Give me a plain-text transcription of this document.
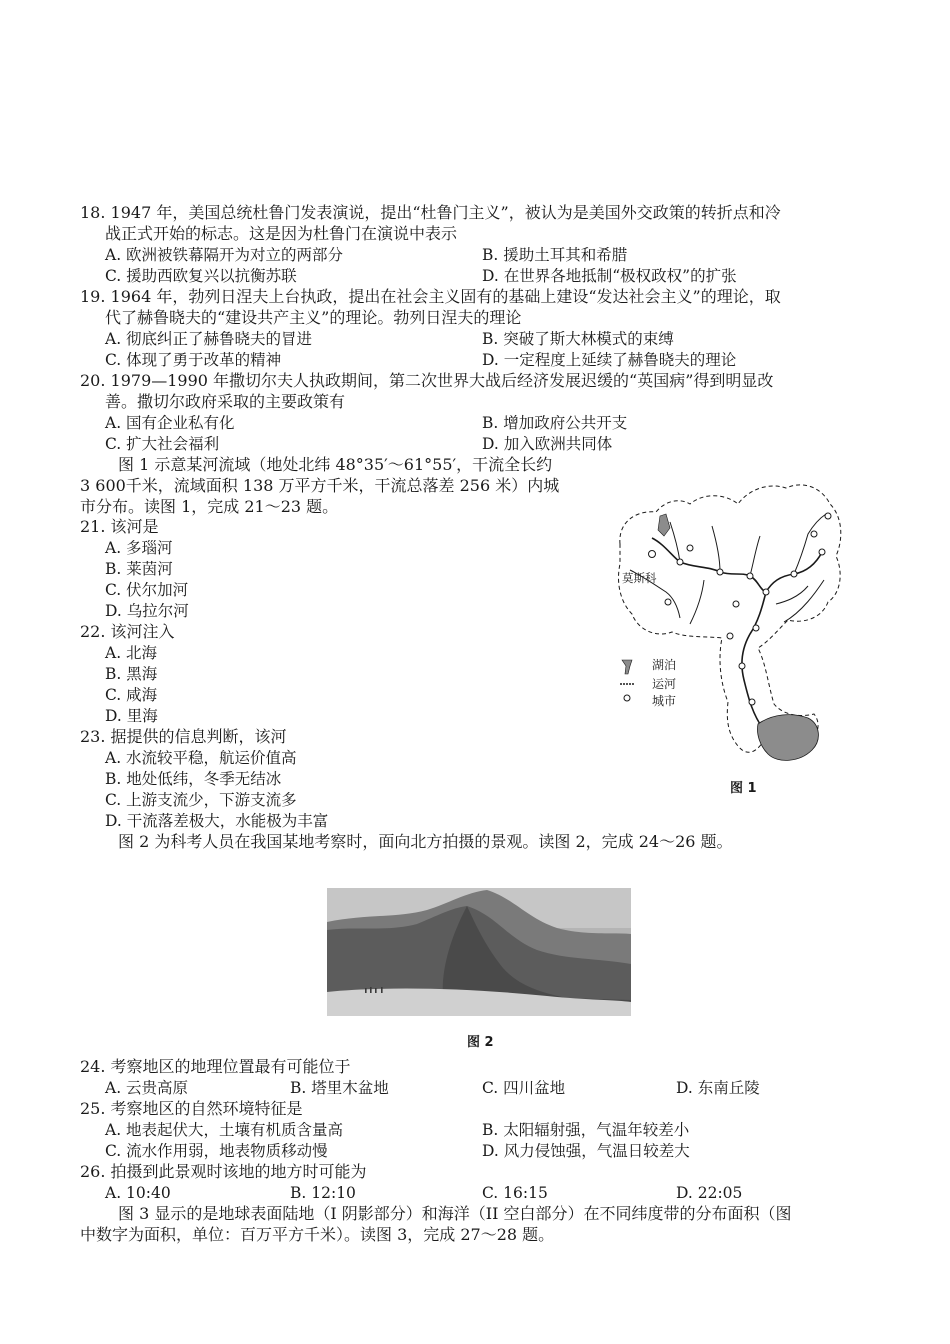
18. 1947 年，美国总统杜鲁门发表演说，提出“杜鲁门主义”，被认为是美国外交政策的转折点和冷
战正式开始的标志。这是因为杜鲁门在演说中表示
A. 欧洲被铁幕隔开为对立的两部分	B. 援助土耳其和希腊
C. 援助西欧复兴以抗衡苏联	D. 在世界各地抵制“极权政权”的扩张
19. 1964 年，勃列日涅夫上台执政，提出在社会主义固有的基础上建设“发达社会主义”的理论，取
代了赫鲁晓夫的“建设共产主义”的理论。勃列日涅夫的理论
A. 彻底纠正了赫鲁晓夫的冒进	B. 突破了斯大林模式的束缚
C. 体现了勇于改革的精神	D. 一定程度上延续了赫鲁晓夫的理论
20. 1979—1990 年撒切尔夫人执政期间，第二次世界大战后经济发展迟缓的“英国病”得到明显改
善。撒切尔政府采取的主要政策有
A. 国有企业私有化	B. 增加政府公共开支
C. 扩大社会福利	D. 加入欧洲共同体
图 1 示意某河流域（地处北纬 48°35′～61°55′，干流全长约
3 600千米，流域面积 138 万平方千米，干流总落差 256 米）内城
市分布。读图 1，完成 21～23 题。
21. 该河是
A. 多瑙河
B. 莱茵河
C. 伏尔加河
D. 乌拉尔河
22. 该河注入
A. 北海
B. 黑海
C. 咸海
D. 里海
23. 据提供的信息判断，该河
A. 水流较平稳，航运价值高
B. 地处低纬，冬季无结冰
C. 上游支流少，下游支流多
D. 干流落差极大，水能极为丰富
莫斯科
湖泊
运河
城市
图 1
图 2 为科考人员在我国某地考察时，面向北方拍摄的景观。读图 2，完成 24～26 题。
图 2
24. 考察地区的地理位置最有可能位于
A. 云贵高原	B. 塔里木盆地	C. 四川盆地	D. 东南丘陵
25. 考察地区的自然环境特征是
A. 地表起伏大，土壤有机质含量高	B. 太阳辐射强，气温年较差小
C. 流水作用弱，地表物质移动慢	D. 风力侵蚀强，气温日较差大
26. 拍摄到此景观时该地的地方时可能为
A. 10:40	B. 12:10	C. 16:15	D. 22:05
图 3 显示的是地球表面陆地（I 阴影部分）和海洋（II 空白部分）在不同纬度带的分布面积（图
中数字为面积，单位：百万平方千米）。读图 3，完成 27～28 题。
